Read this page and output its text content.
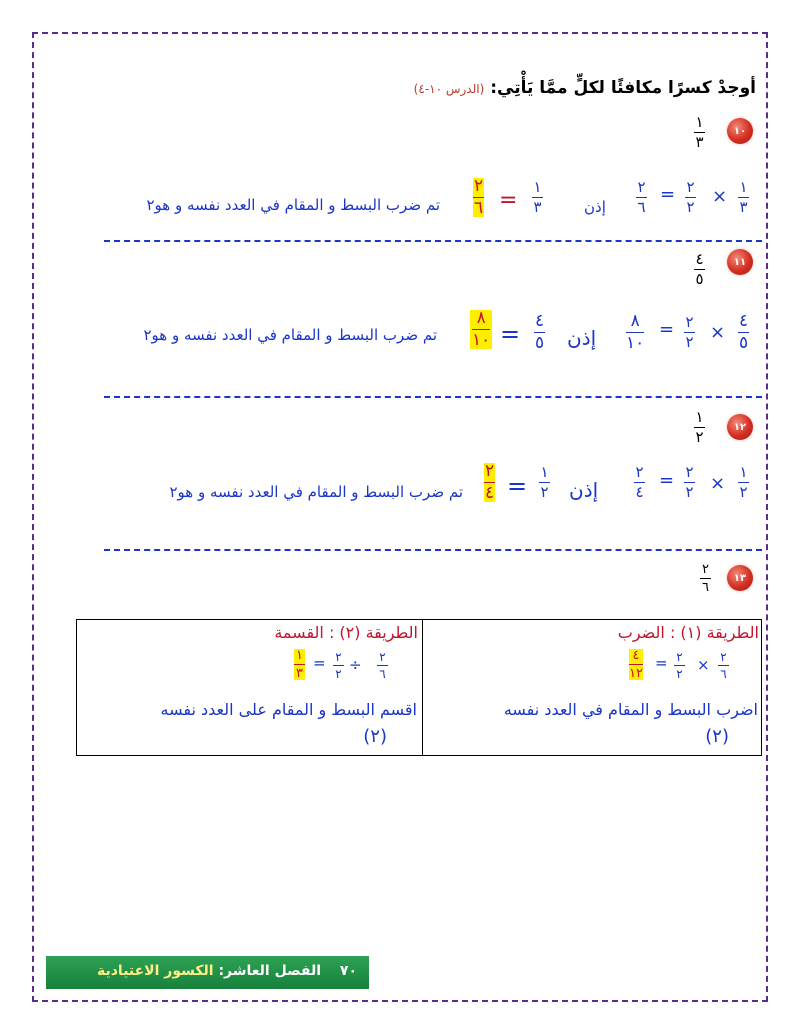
أوجدْ كسرًا مكافئًا لكلٍّ ممَّا يَأْتِي: (الدرس ١٠-٤)
١٠
١
٣
١
٣
×
٢
٢
=
٢
٦
إذن
١
٣
=
٢
٦
تم ضرب البسط و المقام في العدد نفسه و هو٢
١١
٤
٥
٤
٥
×
٢
٢
=
٨
١٠
إذن
٤
٥
=
٨
١٠
تم ضرب البسط و المقام في العدد نفسه و هو٢
١٢
١
٢
١
٢
×
٢
٢
=
٢
٤
إذن
١
٢
=
٢
٤
تم ضرب البسط و المقام في العدد نفسه و هو٢
١٣
٢
٦
الطريقة (١) : الضرب
٢
٦
×
٢
٢
=
٤
١٢
اضرب البسط و المقام في العدد نفسه
(٢)
الطريقة (٢) : القسمة
٢
٦
÷
٢
٢
=
١
٣
اقسم البسط و المقام على العدد نفسه
(٢)
٧٠ الفصل العاشر: الكسور الاعتيادية
